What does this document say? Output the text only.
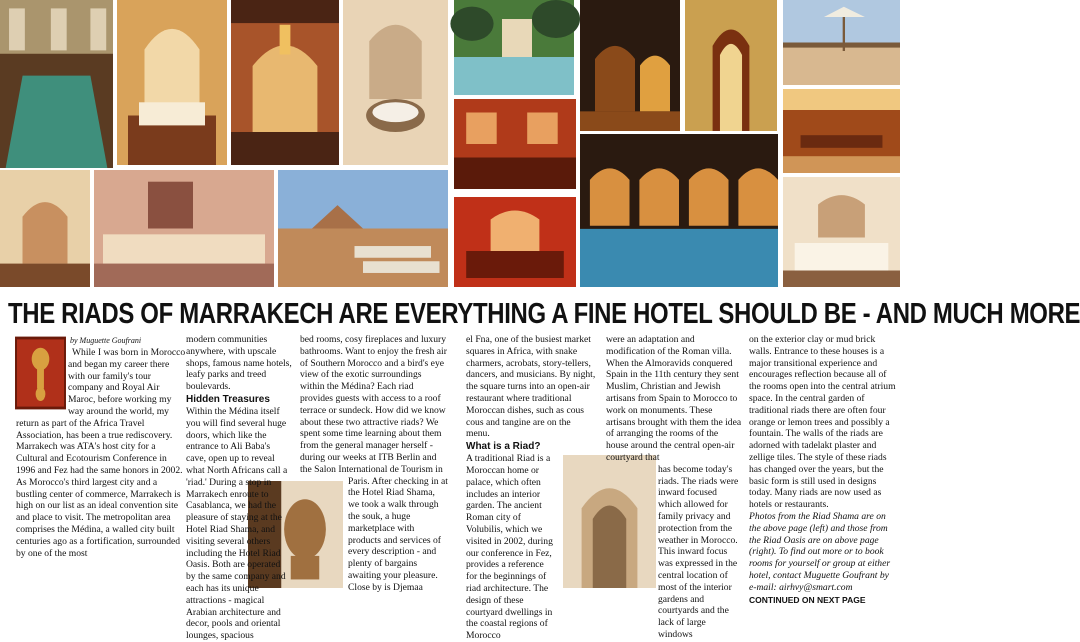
THE RIADS OF MARRAKECH ARE EVERYTHING A FINE HOTEL SHOULD BE - AND MUCH MORE
by Muguette Goufrani

While I was born in Morocco and began my career there with our family's tour company and Royal Air Maroc, before working my way around the world, my return as part of the Africa Travel Association, has been a true rediscovery. Marrakech was ATA's host city for a Cultural and Ecotourism Conference in 1996 and Fez had the same honors in 2002. As Morocco's third largest city and a bustling center of commerce, Marrakech is high on our list as an ideal convention site and place to visit. The metropolitan area comprises the Médina, a walled city built centuries ago as a fortification, surrounded by one of the most

modern communities anywhere, with upscale shops, famous name hotels, leafy parks and treed boulevards.

Hidden Treasures

Within the Médina itself you will find several huge doors, which like the entrance to Ali Baba's cave, open up to reveal what North Africans call a 'riad.' During a stop in Marrakech enroute to Casablanca, we had the pleasure of staying at the Hotel Riad Shama, and visiting several others including the Hotel Riad Oasis. Both are operated by the same company and each has its unique attractions - magical Arabian architecture and decor, pools and oriental lounges, spacious

bed rooms, cosy fireplaces and luxury bathrooms. Want to enjoy the fresh air of Southern Morocco and a bird's eye view of the exotic surroundings within the Médina? Each riad provides guests with access to a roof terrace or sundeck. How did we know about these two attractive riads? We spent some time learning about them from the general manager herself - during our weeks at ITB Berlin and the Salon International de Tourism in

Paris. After checking in at the Hotel Riad Shama, we took a walk through the souk, a huge marketplace with products and services of every description - and plenty of bargains awaiting your pleasure. Close by is Djemaa

el Fna, one of the busiest market squares in Africa, with snake charmers, acrobats, story-tellers, dancers, and musicians. By night, the square turns into an open-air restaurant where traditional Moroccan dishes, such as cous cous and tangine are on the menu.

What is a Riad?

A traditional Riad is a Moroccan home or palace, which often includes an interior garden. The ancient Roman city of Volubilis, which we visited in 2002, during our conference in Fez, provides a reference for the beginnings of riad architecture. The design of these courtyard dwellings in the coastal regions of Morocco

were an adaptation and modification of the Roman villa. When the Almoravids conquered Spain in the 11th century they sent Muslim, Christian and Jewish artisans from Spain to Morocco to work on monuments. These artisans brought with them the idea of arranging the rooms of the house around the central open-air courtyard that

has become today's riads. The riads were inward focused which allowed for family privacy and protection from the weather in Morocco. This inward focus was expressed in the central location of most of the interior gardens and courtyards and the lack of large windows

on the exterior clay or mud brick walls. Entrance to these houses is a major transitional experience and encourages reflection because all of the rooms open into the central atrium space. In the central garden of traditional riads there are often four orange or lemon trees and possibly a fountain. The walls of the riads are adorned with tadelakt plaster and zellige tiles. The style of these riads has changed over the years, but the basic form is still used in designs today. Many riads are now used as hotels or restaurants.

Photos from the Riad Shama are on the above page (left) and those from the Riad Oasis are on above page (right). To find out more or to book rooms for yourself or group at either hotel, contact Muguette Goufrant by e-mail: airhvy@smart.com

CONTINUED ON NEXT PAGE
